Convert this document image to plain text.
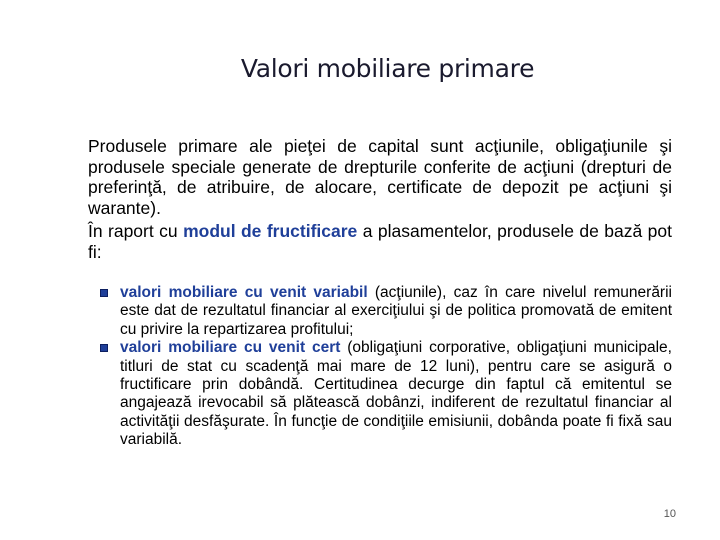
Valori mobiliare primare

Produsele primare ale pieţei de capital sunt acţiunile, obligaţiunile şi produsele speciale generate de drepturile conferite de acţiuni (drepturi de preferinţă, de atribuire, de alocare, certificate de depozit pe acţiuni şi warante).

În raport cu modul de fructificare a plasamentelor, produsele de bază pot fi:

valori mobiliare cu venit variabil (acţiunile), caz în care nivelul remunerării este dat de rezultatul financiar al exerciţiului şi de politica promovată de emitent cu privire la repartizarea profitului;
valori mobiliare cu venit cert (obligaţiuni corporative, obligaţiuni municipale, titluri de stat cu scadenţă mai mare de 12 luni), pentru care se asigură o fructificare prin dobândă. Certitudinea decurge din faptul că emitentul se angajează irevocabil să plătească dobânzi, indiferent de rezultatul financiar al activităţii desfăşurate. În funcţie de condiţiile emisiunii, dobânda poate fi fixă sau variabilă.
10
